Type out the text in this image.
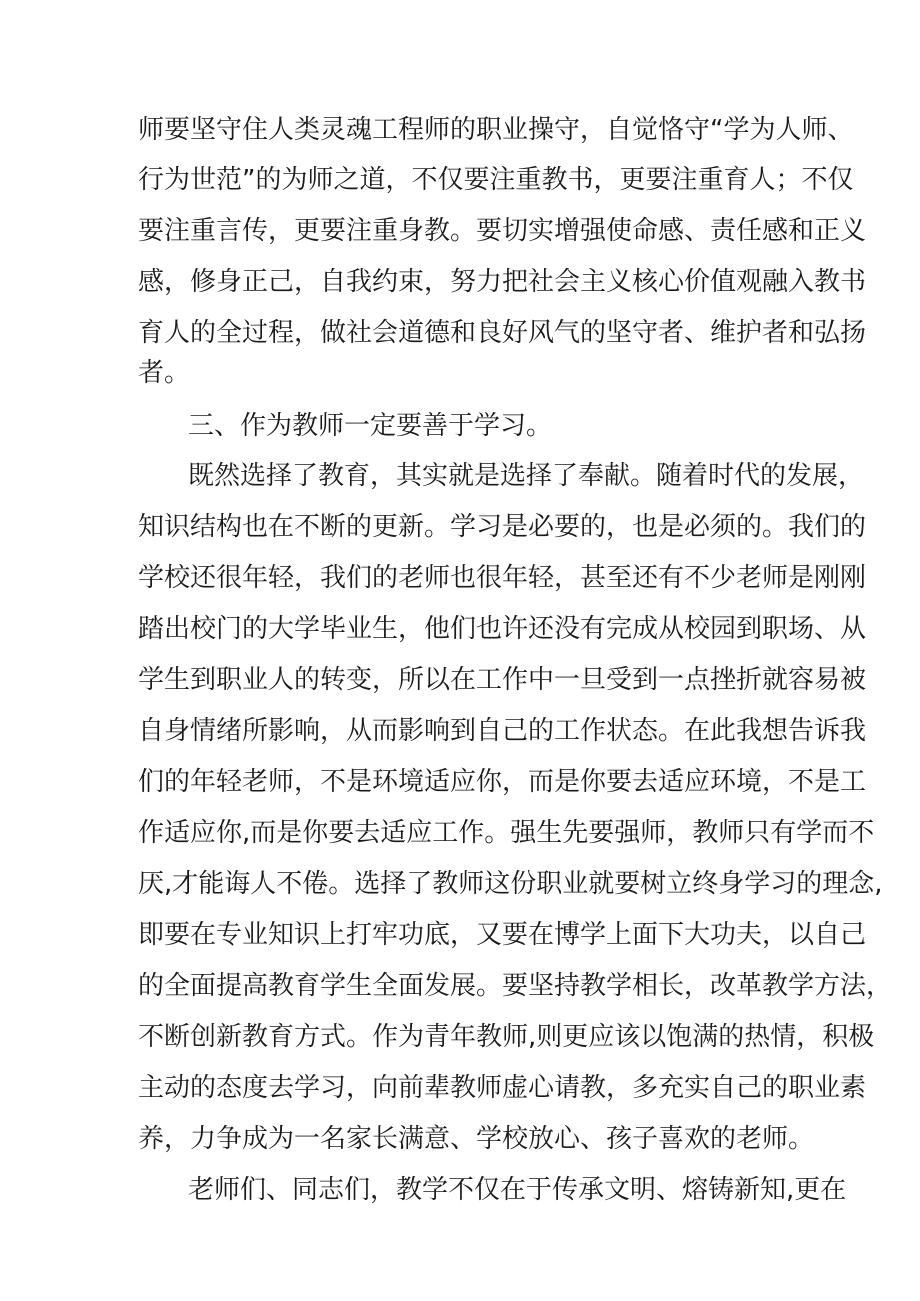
师要坚守住人类灵魂工程师的职业操守，自觉恪守“学为人师、
行为世范”的为师之道，不仅要注重教书，更要注重育人；不仅
要注重言传，更要注重身教。要切实增强使命感、责任感和正义
感，修身正己，自我约束，努力把社会主义核心价值观融入教书
育人的全过程，做社会道德和良好风气的坚守者、维护者和弘扬
者。
三、作为教师一定要善于学习。
既然选择了教育，其实就是选择了奉献。随着时代的发展，
知识结构也在不断的更新。学习是必要的，也是必须的。我们的
学校还很年轻，我们的老师也很年轻，甚至还有不少老师是刚刚
踏出校门的大学毕业生，他们也许还没有完成从校园到职场、从
学生到职业人的转变，所以在工作中一旦受到一点挫折就容易被
自身情绪所影响，从而影响到自己的工作状态。在此我想告诉我
们的年轻老师，不是环境适应你，而是你要去适应环境，不是工
作适应你,而是你要去适应工作。强生先要强师，教师只有学而不
厌,才能诲人不倦。选择了教师这份职业就要树立终身学习的理念,
即要在专业知识上打牢功底，又要在博学上面下大功夫，以自己
的全面提高教育学生全面发展。要坚持教学相长，改革教学方法，
不断创新教育方式。作为青年教师,则更应该以饱满的热情，积极
主动的态度去学习，向前辈教师虚心请教，多充实自己的职业素
养，力争成为一名家长满意、学校放心、孩子喜欢的老师。
老师们、同志们，教学不仅在于传承文明、熔铸新知,更在
